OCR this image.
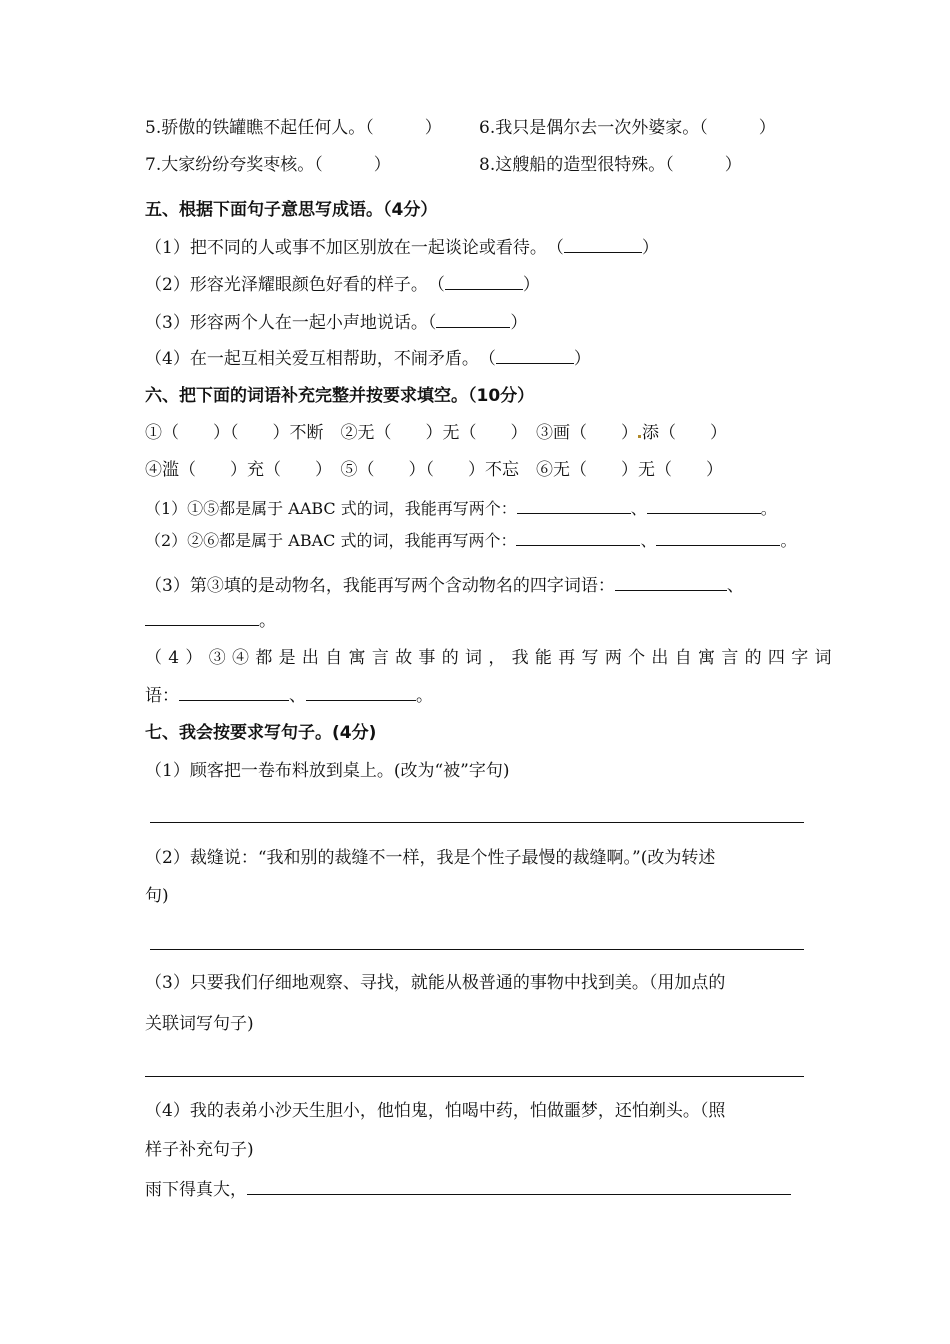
5.骄傲的铁罐瞧不起任何人。（　　　） 6.我只是偶尔去一次外婆家。（　　　）
7.大家纷纷夸奖枣核。（　　　）	8.这艘船的造型很特殊。（　　　）
五、根据下面句子意思写成语。（4分）
（1）把不同的人或事不加区别放在一起谈论或看待。　（	）
（2）形容光泽耀眼颜色好看的样子。　（	）
（3）形容两个人在一起小声地说话。（	）
（4）在一起互相关爱互相帮助，不闹矛盾。　（	）
六、把下面的词语补充完整并按要求填空。（10分）
①（　　）（　　）不断　②无（　　）无（　　）　③画（　　） 添（　　）
④滥（　　）充（　　）　⑤（　　）（　　）不忘　⑥无（　　）无（　　）
（1）①⑤都是属于 AABC 式的词，我能再写两个：	、	。
（2）②⑥都是属于 ABAC 式的词，我能再写两个：	、	。
（3）第③填的是动物名，我能再写两个含动物名的四字词语：	、
。
（4）③④都是出自寓言故事的词，我能再写两个出自寓言的四字词
语：	、	。
七、我会按要求写句子。(4分)
（1）顾客把一卷布料放到桌上。(改为“被”字句)
（2）裁缝说：“我和别的裁缝不一样，我是个性子最慢的裁缝啊。”(改为转述
句)
（3）只要我们仔细地观察、寻找，就能从极普通的事物中找到美。（用加点的
关联词写句子)
（4）我的表弟小沙天生胆小，他怕鬼，怕喝中药，怕做噩梦，还怕剃头。（照
样子补充句子)
雨下得真大，
